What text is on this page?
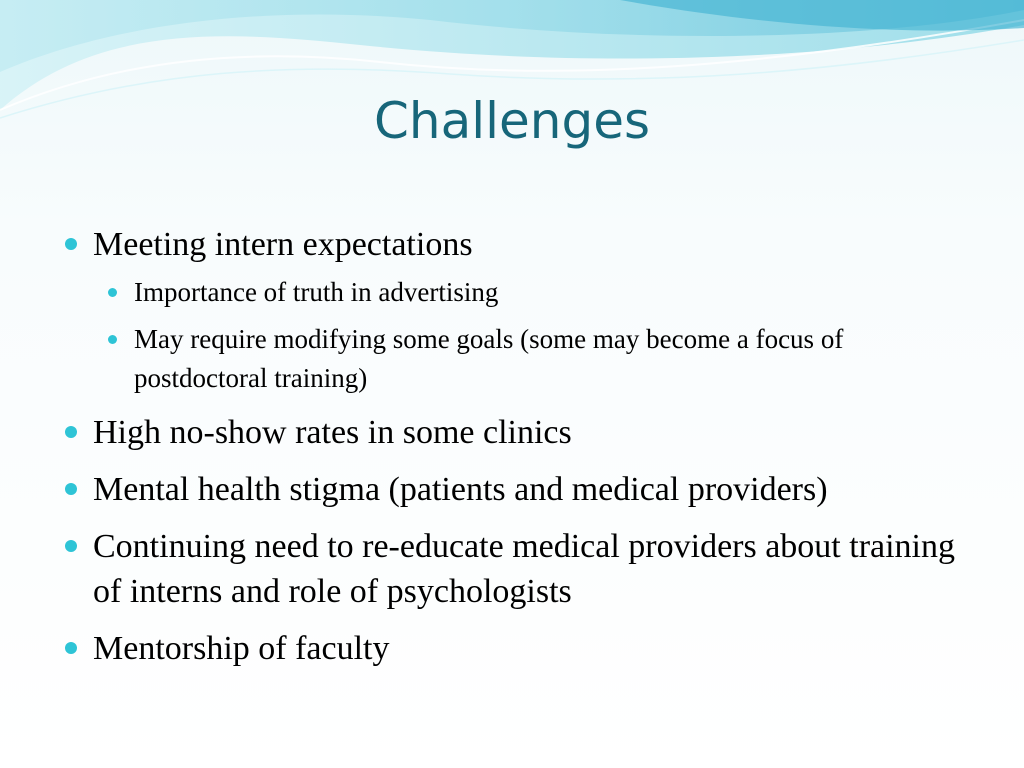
Challenges
Meeting intern expectations
Importance of truth in advertising
May require modifying some goals (some may become a focus of postdoctoral training)
High no-show rates in some clinics
Mental health stigma (patients and medical providers)
Continuing need to re-educate medical providers about training of interns and role of psychologists
Mentorship of faculty
